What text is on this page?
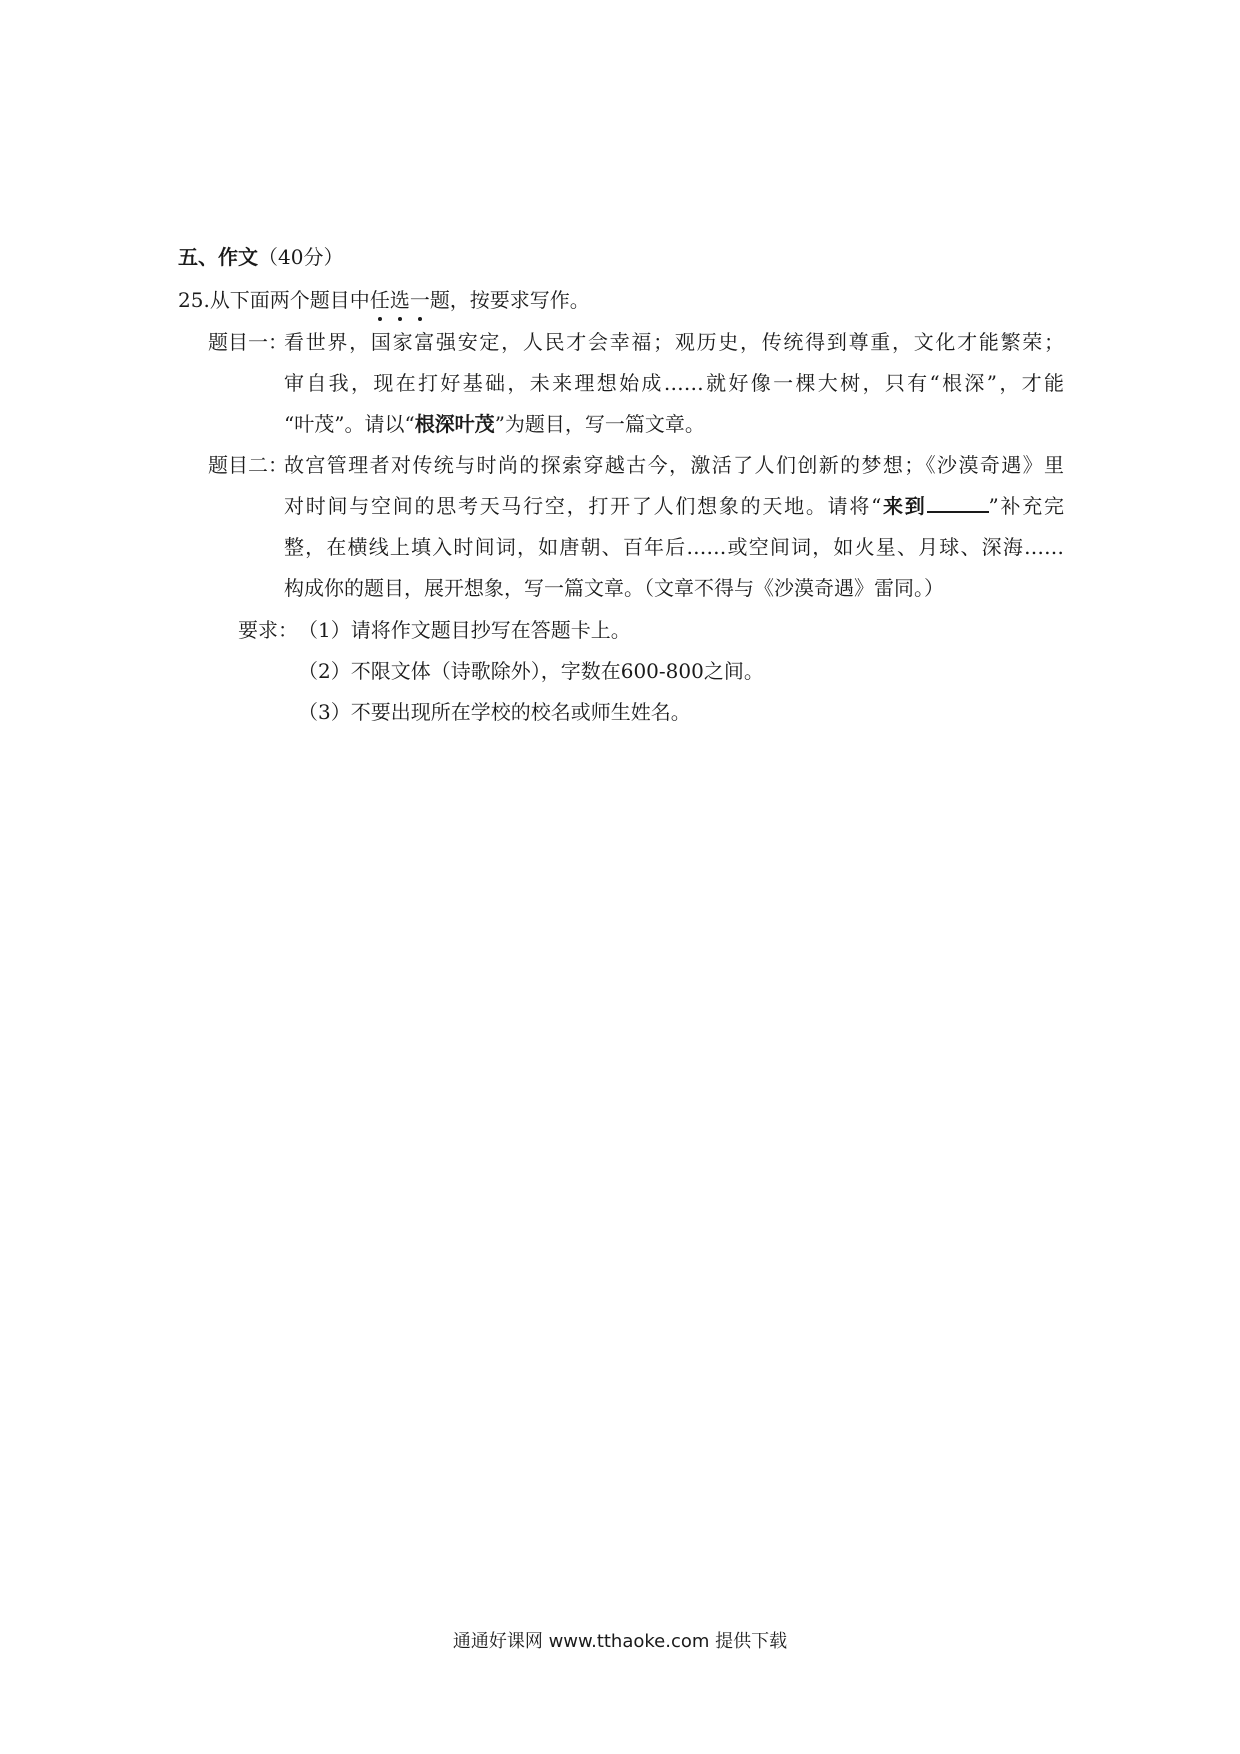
五、作文（40分）
25.从下面两个题目中任选一题，按要求写作。
题目一：
看世界，国家富强安定，人民才会幸福；观历史，传统得到尊重，文化才能繁荣；
审自我，现在打好基础，未来理想始成……就好像一棵大树，只有“根深”，才能
“叶茂”。请以“根深叶茂”为题目，写一篇文章。
题目二：
故宫管理者对传统与时尚的探索穿越古今，激活了人们创新的梦想；《沙漠奇遇》里
对时间与空间的思考天马行空，打开了人们想象的天地。请将“来到	”补充完
整，在横线上填入时间词，如唐朝、百年后……或空间词，如火星、月球、深海……
构成你的题目，展开想象，写一篇文章。（文章不得与《沙漠奇遇》雷同。）
要求： （1）请将作文题目抄写在答题卡上。
（2）不限文体（诗歌除外），字数在600-800之间。
（3）不要出现所在学校的校名或师生姓名。
通通好课网 www.tthaoke.com 提供下载
